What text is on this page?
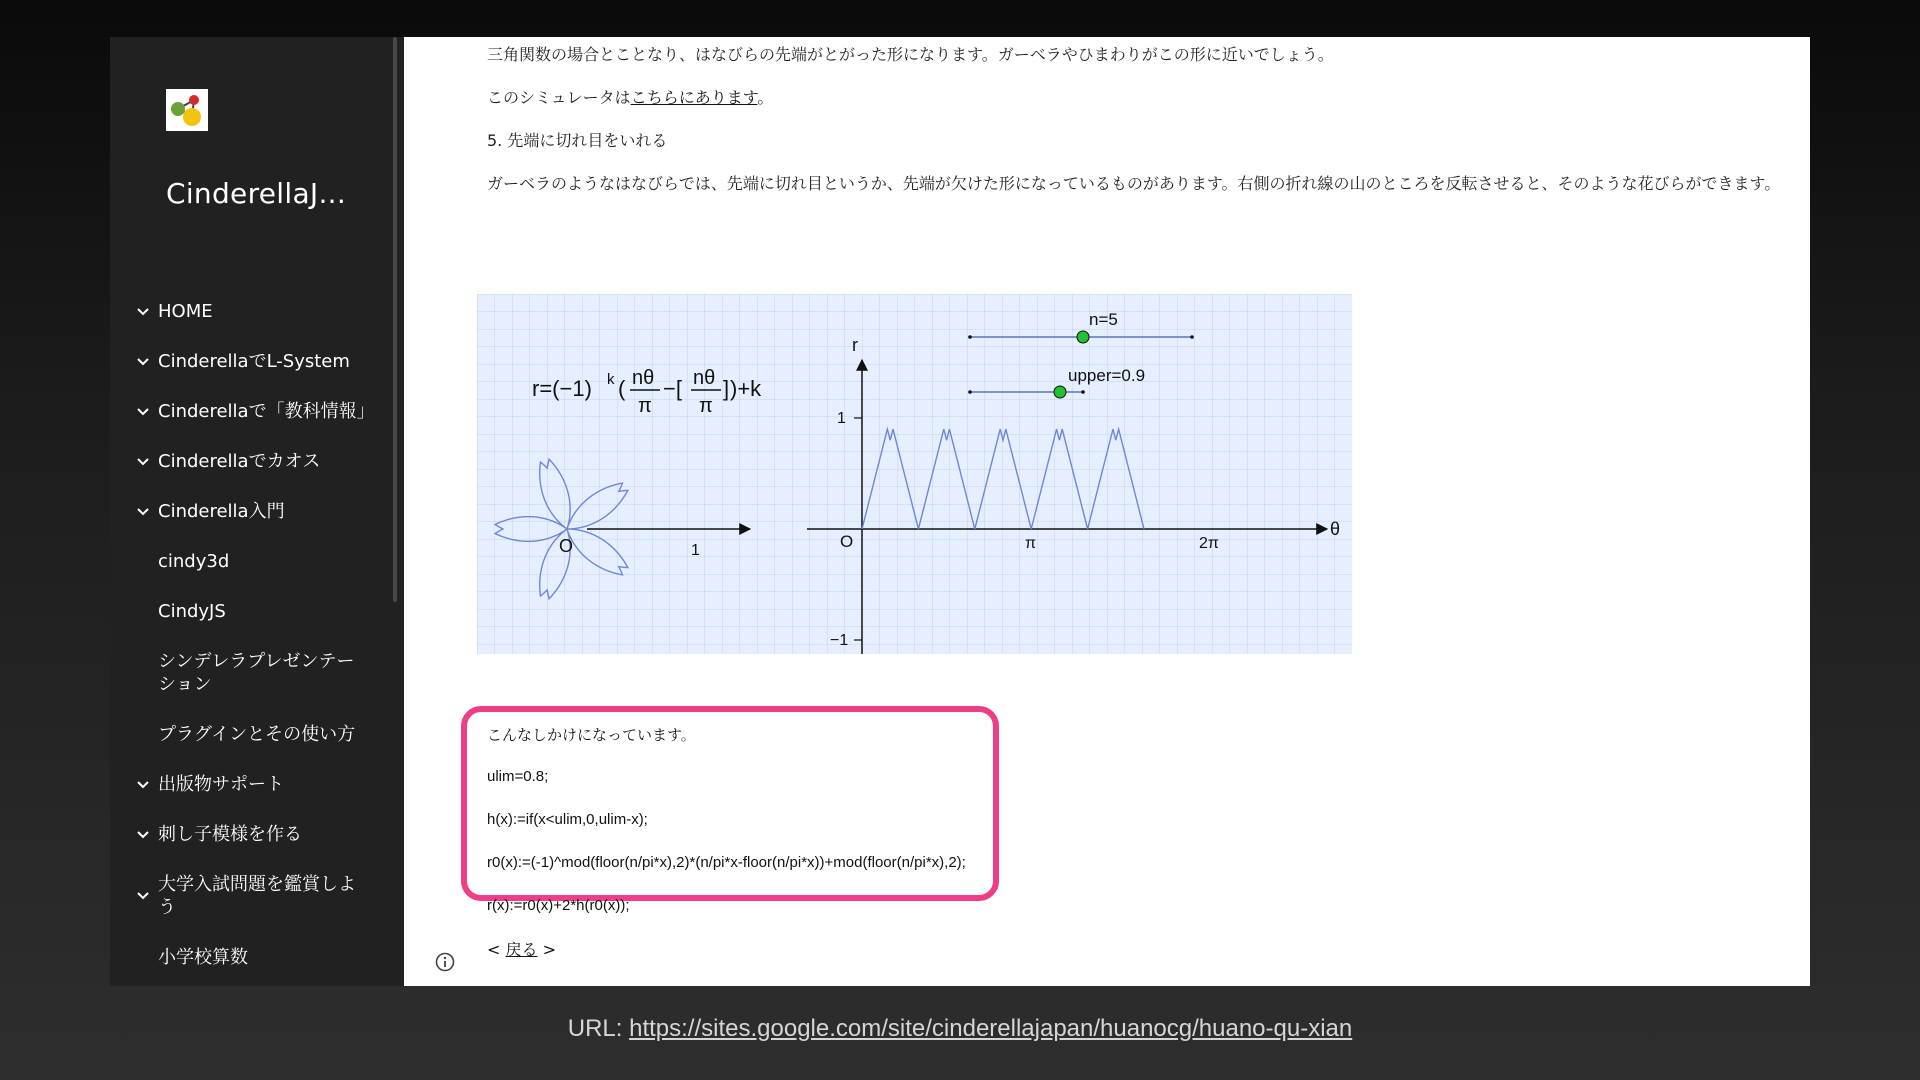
CinderellaJ...
HOME
CinderellaでL-System
Cinderellaで「教科情報」
Cinderellaでカオス
Cinderella入門
cindy3d
CindyJS
シンデレラプレゼンテーション
プラグインとその使い方
出版物サポート
刺し子模様を作る
大学入試問題を鑑賞しよう
小学校算数
三角関数の場合とことなり、はなびらの先端がとがった形になります。ガーベラやひまわりがこの形に近いでしょう。
このシミュレータはこちらにあります。
5. 先端に切れ目をいれる
ガーベラのようなはなびらでは、先端に切れ目というか、先端が欠けた形になっているものがあります。右側の折れ線の山のところを反転させると、そのような花びらができます。
r=(−1) k ( nθ
π
−[ nθ
π
] )+k
O	1
r
θ
O	π	2π
1
−1
n=5
upper=0.9
こんなしかけになっています。
ulim=0.8;
h(x):=if(x<ulim,0,ulim-x);
r0(x):=(-1)^mod(floor(n/pi*x),2)*(n/pi*x-floor(n/pi*x))+mod(floor(n/pi*x),2);
r(x):=r0(x)+2*h(r0(x));
< 戻る >
URL: https://sites.google.com/site/cinderellajapan/huanocg/huano-qu-xian
